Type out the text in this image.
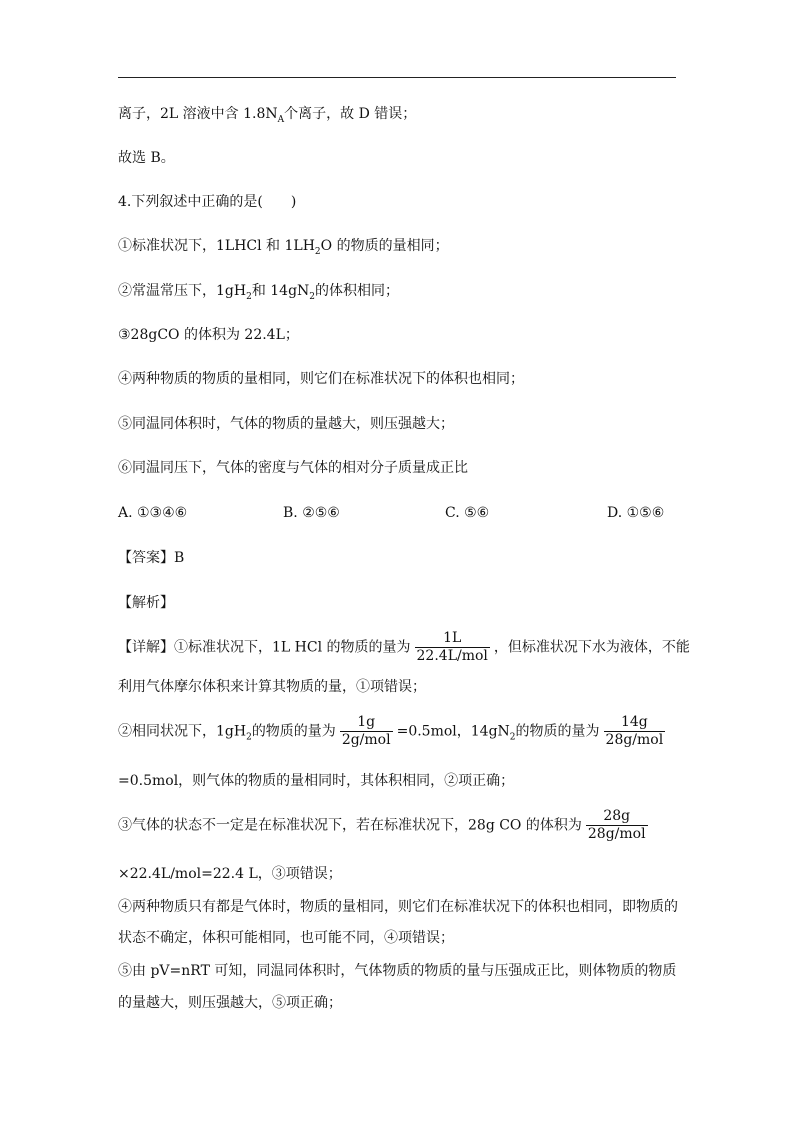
离子，2L 溶液中含 $1.8N_A$个离子，故 D 错误；
故选 B。
4.下列叙述中正确的是(　　)
①标准状况下，1LHCl 和 $1LH_2O$ 的物质的量相同；
②常温常压下，$1gH_2$和 $14gN_2$的体积相同；
③28gCO 的体积为 22.4L；
④两种物质的物质的量相同，则它们在标准状况下的体积也相同；
⑤同温同体积时，气体的物质的量越大，则压强越大；
⑥同温同压下，气体的密度与气体的相对分子质量成正比
A. ①③④⑥	B. ②⑤⑥	C. ⑤⑥	D. ①⑤⑥
【答案】B
【解析】
【详解】①标准状况下，1L HCl 的物质的量为 $\frac{1L}{\text{22.4L/mol}}$ ，但标准状况下水为液体，不能
利用气体摩尔体积来计算其物质的量，①项错误；
②相同状况下，$1gH_2$的物质的量为 $\frac{1g}{\text{2g/mol}} =0.5mol$，$14gN_2$的物质的量为 $\frac{14g}{\text{28g/mol}}$
=0.5mol，则气体的物质的量相同时，其体积相同，②项正确；
③气体的状态不一定是在标准状况下，若在标准状况下，28g CO 的体积为 $\frac{28g}{\text{28g/mol}}$
×22.4L/mol=22.4 L，③项错误；
④两种物质只有都是气体时，物质的量相同，则它们在标准状况下的体积也相同，即物质的
状态不确定，体积可能相同，也可能不同，④项错误；
⑤由 pV=nRT 可知，同温同体积时，气体物质的物质的量与压强成正比，则体物质的物质
的量越大，则压强越大，⑤项正确；
